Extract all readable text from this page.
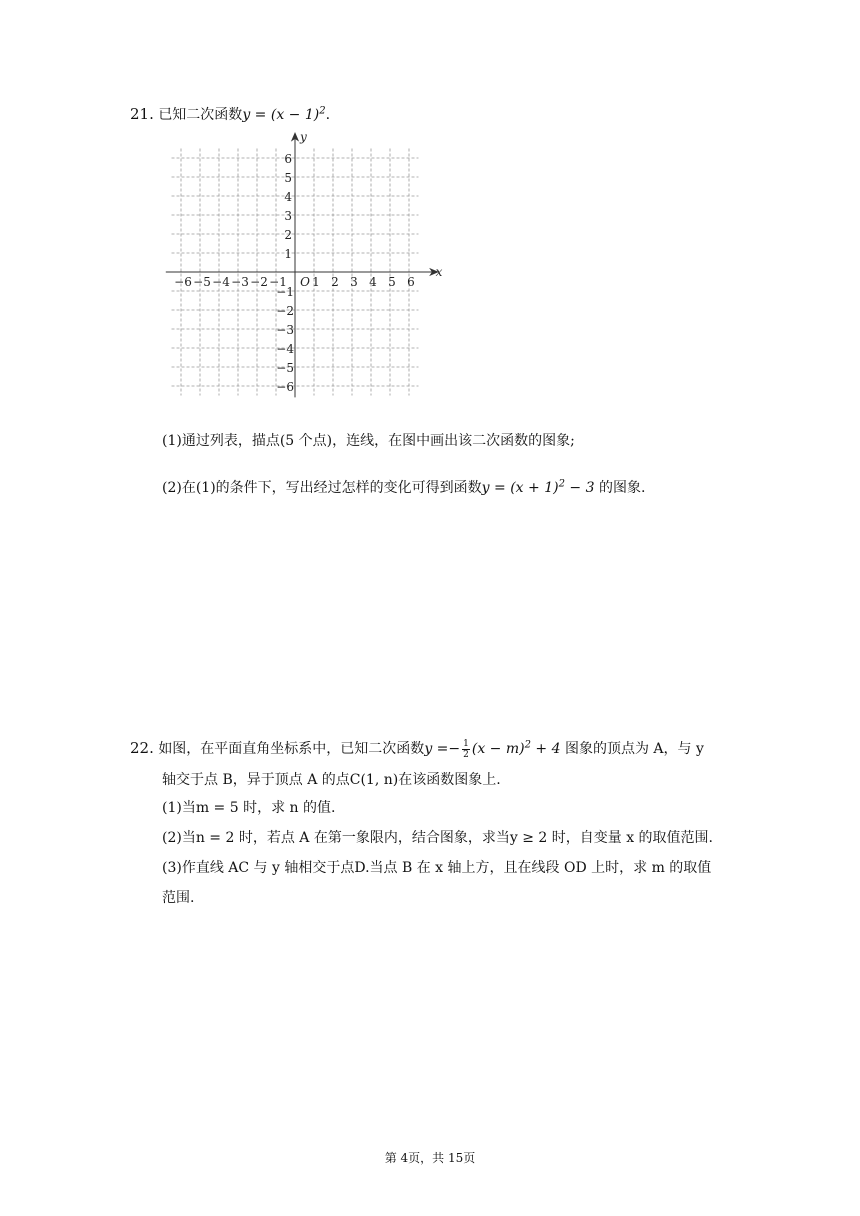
21. 已知二次函数$y = (x - 1)^2$.
−6 −5 −4 −3 −2 −1 1 2 3 4 5 6
6
5
4
3
2
1
−1
−2
−3
−4
−5
−6
O
x
y
(1)通过列表，描点(5 个点)，连线，在图中画出该二次函数的图象;
(2)在(1)的条件下，写出经过怎样的变化可得到函数$y = (x + 1)^2 - 3$ 的图象.
22. 如图，在平面直角坐标系中，已知二次函数$y =- \frac{1}{2} (x - m)^2 + 4$ 图象的顶点为 A，与 y
轴交于点 B，异于顶点 A 的点C(1, n)在该函数图象上.
(1)当m = 5 时，求 n 的值.
(2)当n = 2 时，若点 A 在第一象限内，结合图象，求当y ≥ 2 时，自变量 x 的取值范围.
(3)作直线 AC 与 y 轴相交于点D.当点 B 在 x 轴上方，且在线段 OD 上时，求 m 的取值
范围.
第 4页，共 15页
